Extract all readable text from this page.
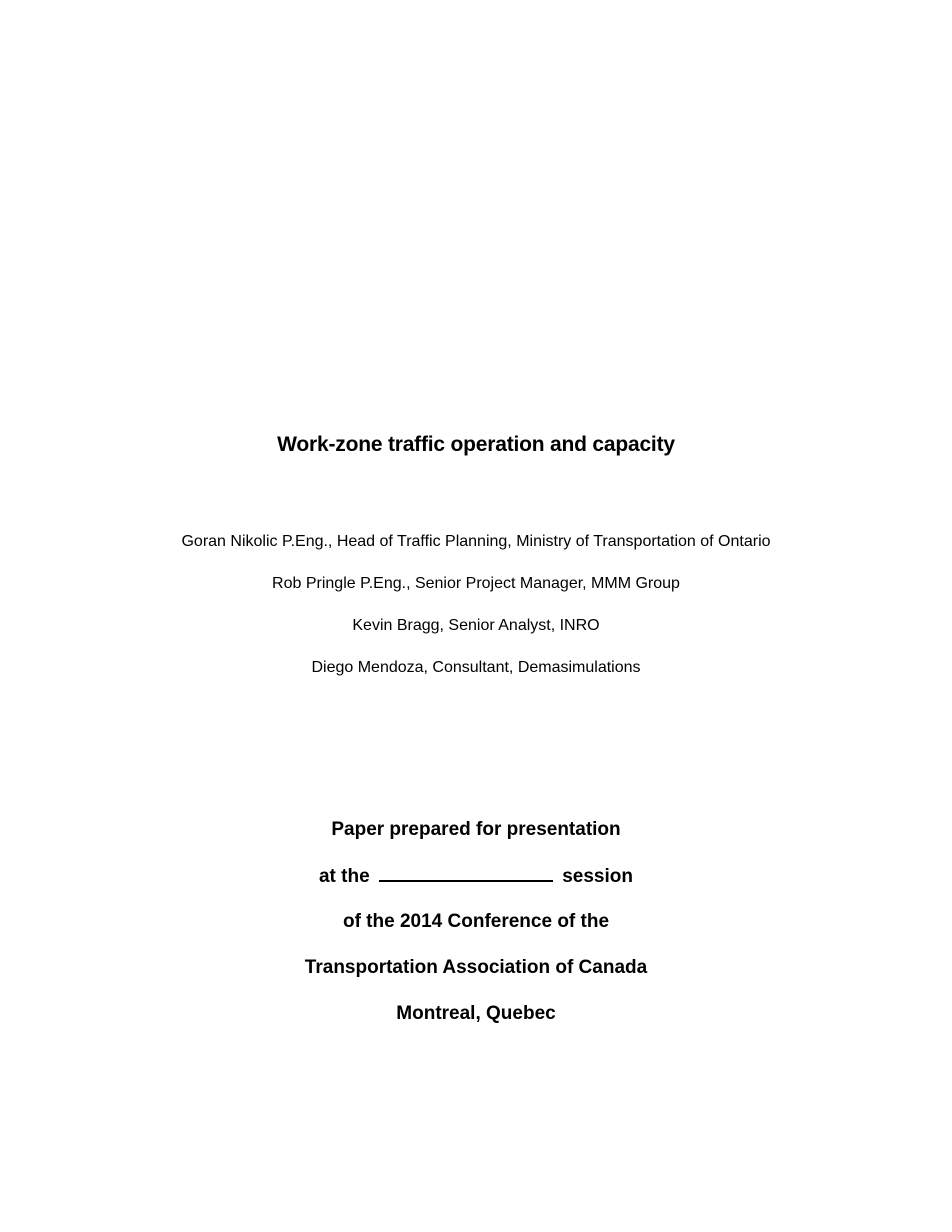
Work-zone traffic operation and capacity
Goran Nikolic P.Eng., Head of Traffic Planning, Ministry of Transportation of Ontario
Rob Pringle P.Eng., Senior Project Manager, MMM Group
Kevin Bragg, Senior Analyst, INRO
Diego Mendoza, Consultant, Demasimulations
Paper prepared for presentation
at the	session
of the 2014 Conference of the
Transportation Association of Canada
Montreal, Quebec
